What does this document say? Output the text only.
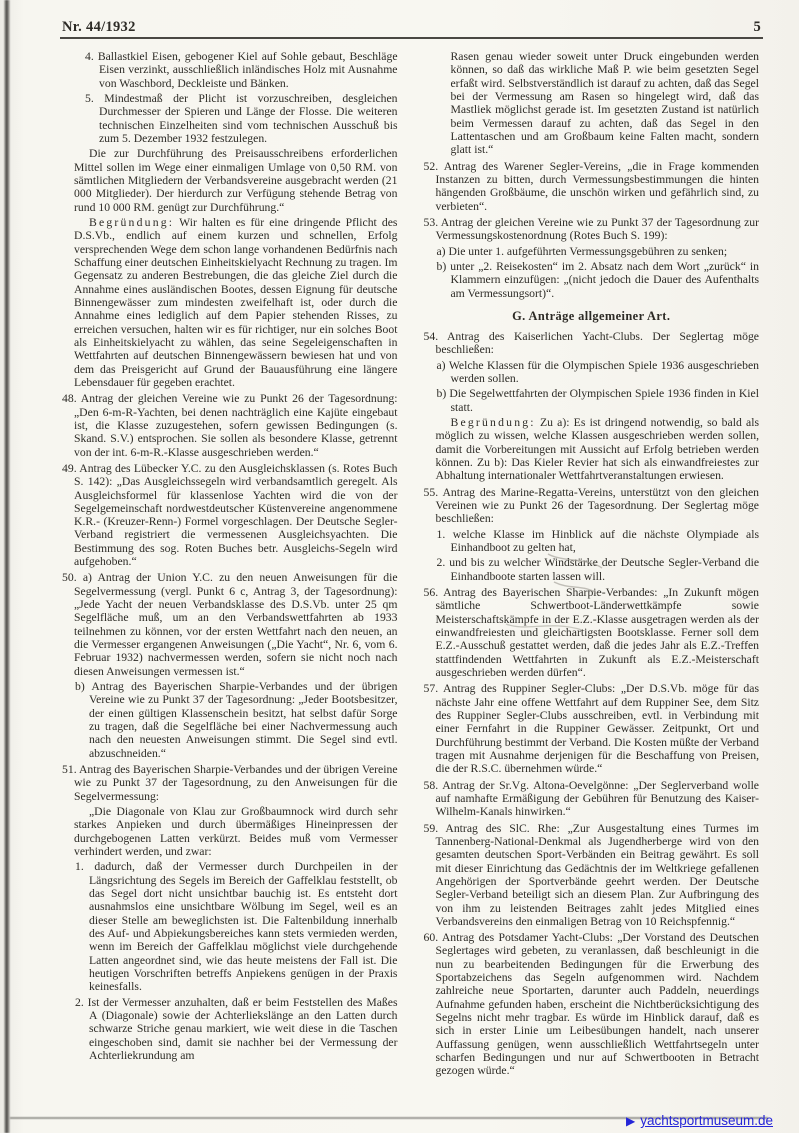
Nr. 44/1932	5
4. Ballastkiel Eisen, gebogener Kiel auf Sohle gebaut, Beschläge Eisen verzinkt, ausschließlich inländisches Holz mit Ausnahme von Waschbord, Deckleiste und Bänken.
5. Mindestmaß der Plicht ist vorzuschreiben, desgleichen Durchmesser der Spieren und Länge der Flosse. Die weiteren technischen Einzelheiten sind vom technischen Ausschuß bis zum 5. Dezember 1932 festzulegen.
Die zur Durchführung des Preisausschreibens erforderlichen Mittel sollen im Wege einer einmaligen Umlage von 0,50 RM. von sämtlichen Mitgliedern der Verbandsvereine ausgebracht werden (21 000 Mitglieder). Der hierdurch zur Verfügung stehende Betrag von rund 10 000 RM. genügt zur Durchführung.“
Begründung: Wir halten es für eine dringende Pflicht des D.S.Vb., endlich auf einem kurzen und schnellen, Erfolg versprechenden Wege dem schon lange vorhandenen Bedürfnis nach Schaffung einer deutschen Einheitskielyacht Rechnung zu tragen. Im Gegensatz zu anderen Bestrebungen, die das gleiche Ziel durch die Annahme eines ausländischen Bootes, dessen Eignung für deutsche Binnengewässer zum mindesten zweifelhaft ist, oder durch die Annahme eines lediglich auf dem Papier stehenden Risses, zu erreichen versuchen, halten wir es für richtiger, nur ein solches Boot als Einheitskielyacht zu wählen, das seine Segeleigenschaften in Wettfahrten auf deutschen Binnengewässern bewiesen hat und von dem das Preisgericht auf Grund der Bauausführung eine längere Lebensdauer für gegeben erachtet.
48. Antrag der gleichen Vereine wie zu Punkt 26 der Tagesordnung: „Den 6-m-R-Yachten, bei denen nachträglich eine Kajüte eingebaut ist, die Klasse zuzugestehen, sofern gewissen Bedingungen (s. Skand. S.V.) entsprochen. Sie sollen als besondere Klasse, getrennt von der int. 6-m-R.-Klasse ausgeschrieben werden.“
49. Antrag des Lübecker Y.C. zu den Ausgleichsklassen (s. Rotes Buch S. 142): „Das Ausgleichssegeln wird verbandsamtlich geregelt. Als Ausgleichsformel für klassenlose Yachten wird die von der Segelgemeinschaft nordwestdeutscher Küstenvereine angenommene K.R.- (Kreuzer-Renn-) Formel vorgeschlagen. Der Deutsche Segler-Verband registriert die vermessenen Ausgleichsyachten. Die Bestimmung des sog. Roten Buches betr. Ausgleichs-Segeln wird aufgehoben.“
50. a) Antrag der Union Y.C. zu den neuen Anweisungen für die Segelvermessung (vergl. Punkt 6 c, Antrag 3, der Tagesordnung): „Jede Yacht der neuen Verbandsklasse des D.S.Vb. unter 25 qm Segelfläche muß, um an den Verbandswettfahrten ab 1933 teilnehmen zu können, vor der ersten Wettfahrt nach den neuen, an die Vermesser ergangenen Anweisungen („Die Yacht“, Nr. 6, vom 6. Februar 1932) nachvermessen werden, sofern sie nicht noch nach diesen Anweisungen vermessen ist.“
b) Antrag des Bayerischen Sharpie-Verbandes und der übrigen Vereine wie zu Punkt 37 der Tagesordnung: „Jeder Bootsbesitzer, der einen gültigen Klassenschein besitzt, hat selbst dafür Sorge zu tragen, daß die Segelfläche bei einer Nachvermessung auch nach den neuesten Anweisungen stimmt. Die Segel sind evtl. abzuschneiden.“
51. Antrag des Bayerischen Sharpie-Verbandes und der übrigen Vereine wie zu Punkt 37 der Tagesordnung, zu den Anweisungen für die Segelvermessung:
„Die Diagonale von Klau zur Großbaumnock wird durch sehr starkes Anpieken und durch übermäßiges Hineinpressen der durchgebogenen Latten verkürzt. Beides muß vom Vermesser verhindert werden, und zwar:
1. dadurch, daß der Vermesser durch Durchpeilen in der Längsrichtung des Segels im Bereich der Gaffelklau feststellt, ob das Segel dort nicht unsichtbar bauchig ist. Es entsteht dort ausnahmslos eine unsichtbare Wölbung im Segel, weil es an dieser Stelle am beweglichsten ist. Die Faltenbildung innerhalb des Auf- und Abpiekungsbereiches kann stets vermieden werden, wenn im Bereich der Gaffelklau möglichst viele durchgehende Latten angeordnet sind, wie das heute meistens der Fall ist. Die heutigen Vorschriften betreffs Anpiekens genügen in der Praxis keinesfalls.
2. Ist der Vermesser anzuhalten, daß er beim Feststellen des Maßes A (Diagonale) sowie der Achterliekslänge an den Latten durch schwarze Striche genau markiert, wie weit diese in die Taschen eingeschoben sind, damit sie nachher bei der Vermessung der Achterliekrundung am
Rasen genau wieder soweit unter Druck eingebunden werden können, so daß das wirkliche Maß P. wie beim gesetzten Segel erfaßt wird. Selbstverständlich ist darauf zu achten, daß das Segel bei der Vermessung am Rasen so hingelegt wird, daß das Mastliek möglichst gerade ist. Im gesetzten Zustand ist natürlich beim Vermessen darauf zu achten, daß das Segel in den Lattentaschen und am Großbaum keine Falten macht, sondern glatt ist.“
52. Antrag des Warener Segler-Vereins, „die in Frage kommenden Instanzen zu bitten, durch Vermessungsbestimmungen die hinten hängenden Großbäume, die unschön wirken und gefährlich sind, zu verbieten“.
53. Antrag der gleichen Vereine wie zu Punkt 37 der Tagesordnung zur Vermessungskostenordnung (Rotes Buch S. 199):
a) Die unter 1. aufgeführten Vermessungsgebühren zu senken;
b) unter „2. Reisekosten“ im 2. Absatz nach dem Wort „zurück“ in Klammern einzufügen: „(nicht jedoch die Dauer des Aufenthalts am Vermessungsort)“.
G. Anträge allgemeiner Art.
54. Antrag des Kaiserlichen Yacht-Clubs. Der Seglertag möge beschließen:
a) Welche Klassen für die Olympischen Spiele 1936 ausgeschrieben werden sollen.
b) Die Segelwettfahrten der Olympischen Spiele 1936 finden in Kiel statt.
Begründung: Zu a): Es ist dringend notwendig, so bald als möglich zu wissen, welche Klassen ausgeschrieben werden sollen, damit die Vorbereitungen mit Aussicht auf Erfolg betrieben werden können. Zu b): Das Kieler Revier hat sich als einwandfreiestes zur Abhaltung internationaler Wettfahrtveranstaltungen erwiesen.
55. Antrag des Marine-Regatta-Vereins, unterstützt von den gleichen Vereinen wie zu Punkt 26 der Tagesordnung. Der Seglertag möge beschließen:
1. welche Klasse im Hinblick auf die nächste Olympiade als Einhandboot zu gelten hat,
2. und bis zu welcher Windstärke der Deutsche Segler-Verband die Einhandboote starten lassen will.
56. Antrag des Bayerischen Sharpie-Verbandes: „In Zukunft mögen sämtliche Schwertboot-Länderwettkämpfe sowie Meisterschaftskämpfe in der E.Z.-Klasse ausgetragen werden als der einwandfreiesten und gleichartigsten Bootsklasse. Ferner soll dem E.Z.-Ausschuß gestattet werden, daß die jedes Jahr als E.Z.-Treffen stattfindenden Wettfahrten in Zukunft als E.Z.-Meisterschaft ausgeschrieben werden dürfen“.
57. Antrag des Ruppiner Segler-Clubs: „Der D.S.Vb. möge für das nächste Jahr eine offene Wettfahrt auf dem Ruppiner See, dem Sitz des Ruppiner Segler-Clubs ausschreiben, evtl. in Verbindung mit einer Fernfahrt in die Ruppiner Gewässer. Zeitpunkt, Ort und Durchführung bestimmt der Verband. Die Kosten müßte der Verband tragen mit Ausnahme derjenigen für die Beschaffung von Preisen, die der R.S.C. übernehmen würde.“
58. Antrag der Sr.Vg. Altona-Oevelgönne: „Der Seglerverband wolle auf namhafte Ermäßigung der Gebühren für Benutzung des Kaiser-Wilhelm-Kanals hinwirken.“
59. Antrag des SlC. Rhe: „Zur Ausgestaltung eines Turmes im Tannenberg-National-Denkmal als Jugendherberge wird von den gesamten deutschen Sport-Verbänden ein Beitrag gewährt. Es soll mit dieser Einrichtung das Gedächtnis der im Weltkriege gefallenen Angehörigen der Sportverbände geehrt werden. Der Deutsche Segler-Verband beteiligt sich an diesem Plan. Zur Aufbringung des von ihm zu leistenden Beitrages zahlt jedes Mitglied eines Verbandsvereins den einmaligen Betrag von 10 Reichspfennig.“
60. Antrag des Potsdamer Yacht-Clubs: „Der Vorstand des Deutschen Seglertages wird gebeten, zu veranlassen, daß beschleunigt in die nun zu bearbeitenden Bedingungen für die Erwerbung des Sportabzeichens das Segeln aufgenommen wird. Nachdem zahlreiche neue Sportarten, darunter auch Paddeln, neuerdings Aufnahme gefunden haben, erscheint die Nichtberücksichtigung des Segelns nicht mehr tragbar. Es würde im Hinblick darauf, daß es sich in erster Linie um Leibesübungen handelt, nach unserer Auffassung genügen, wenn ausschließlich Wettfahrtsegeln unter scharfen Bedingungen und nur auf Schwertbooten in Betracht gezogen würde.“
▶ yachtsportmuseum.de
